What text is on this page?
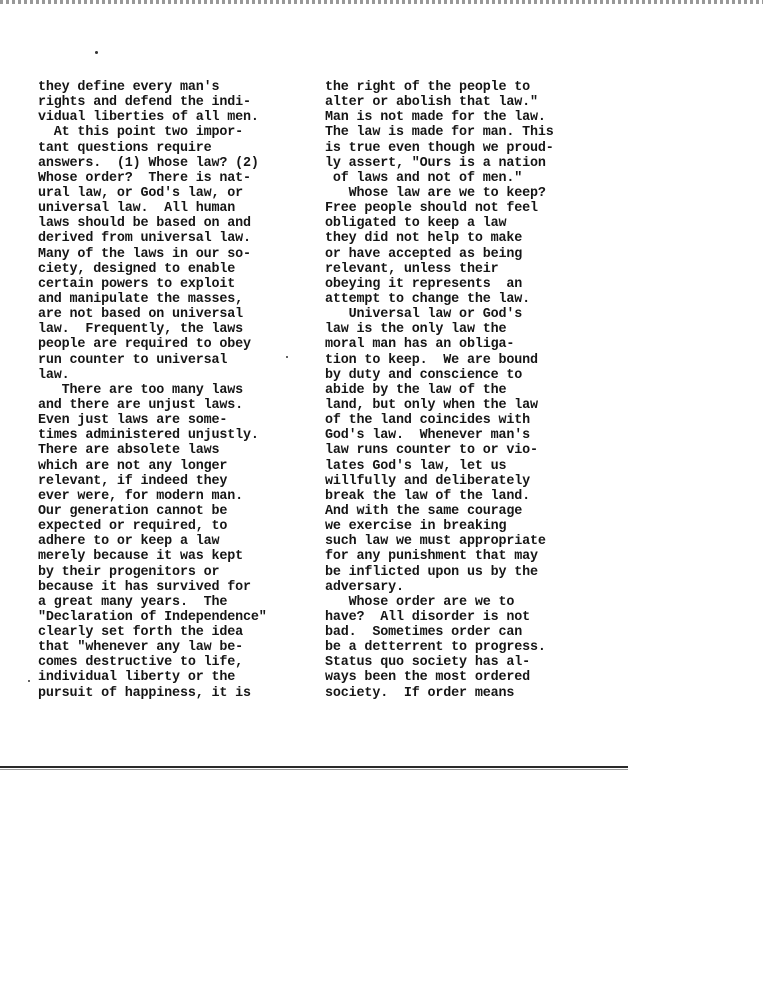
they define every man's
rights and defend the indi-
vidual liberties of all men.
At this point two impor-
tant questions require
answers.  (1) Whose law? (2)
Whose order?  There is nat-
ural law, or God's law, or
universal law.  All human
laws should be based on and
derived from universal law.
Many of the laws in our so-
ciety, designed to enable
certain powers to exploit
and manipulate the masses,
are not based on universal
law.  Frequently, the laws
people are required to obey
run counter to universal
law.
There are too many laws
and there are unjust laws.
Even just laws are some-
times administered unjustly.
There are absolete laws
which are not any longer
relevant, if indeed they
ever were, for modern man.
Our generation cannot be
expected or required, to
adhere to or keep a law
merely because it was kept
by their progenitors or
because it has survived for
a great many years.  The
"Declaration of Independence"
clearly set forth the idea
that "whenever any law be-
comes destructive to life,
individual liberty or the
pursuit of happiness, it is
the right of the people to
alter or abolish that law."
Man is not made for the law.
The law is made for man. This
is true even though we proud-
ly assert, "Ours is a nation
of laws and not of men."
Whose law are we to keep?
Free people should not feel
obligated to keep a law
they did not help to make
or have accepted as being
relevant, unless their
obeying it represents  an
attempt to change the law.
Universal law or God's
law is the only law the
moral man has an obliga-
tion to keep.  We are bound
by duty and conscience to
abide by the law of the
land, but only when the law
of the land coincides with
God's law.  Whenever man's
law runs counter to or vio-
lates God's law, let us
willfully and deliberately
break the law of the land.
And with the same courage
we exercise in breaking
such law we must appropriate
for any punishment that may
be inflicted upon us by the
adversary.
Whose order are we to
have?  All disorder is not
bad.  Sometimes order can
be a detterrent to progress.
Status quo society has al-
ways been the most ordered
society.  If order means
